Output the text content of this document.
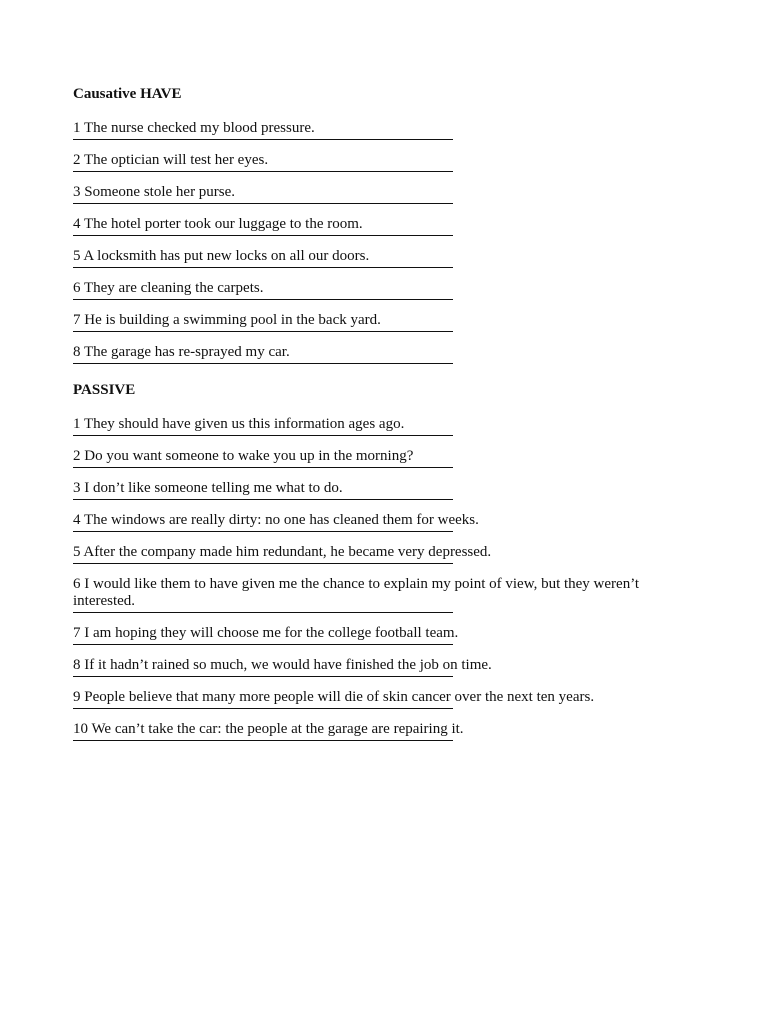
Causative HAVE

1 The nurse checked my blood pressure.
2 The optician will test her eyes.
3 Someone stole her purse.
4 The hotel porter took our luggage to the room.
5 A locksmith has put new locks on all our doors.
6 They are cleaning the carpets.
7 He is building a swimming pool in the back yard.
8 The garage has re-sprayed my car.

PASSIVE

1 They should have given us this information ages ago.
2 Do you want someone to wake you up in the morning?
3 I don’t like someone telling me what to do.
4 The windows are really dirty: no one has cleaned them for weeks.
5 After the company made him redundant, he became very depressed.
6 I would like them to have given me the chance to explain my point of view, but they weren’t interested.
7 I am hoping they will choose me for the college football team.
8 If it hadn’t rained so much, we would have finished the job on time.
9 People believe that many more people will die of skin cancer over the next ten years.
10 We can’t take the car: the people at the garage are repairing it.
